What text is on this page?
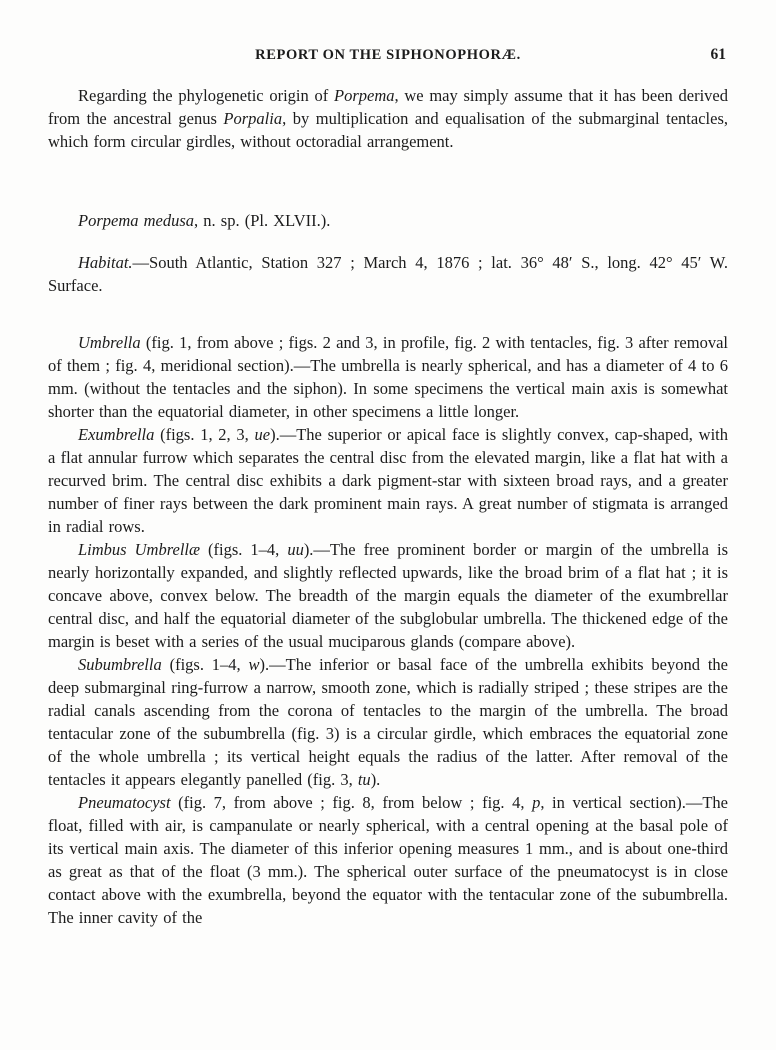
REPORT ON THE SIPHONOPHORÆ.	61

Regarding the phylogenetic origin of Porpema, we may simply assume that it has been derived from the ancestral genus Porpalia, by multiplication and equalisation of the submarginal tentacles, which form circular girdles, without octoradial arrangement.

Porpema medusa, n. sp. (Pl. XLVII.).

Habitat.—South Atlantic, Station 327 ; March 4, 1876 ; lat. 36° 48′ S., long. 42° 45′ W. Surface.

Umbrella (fig. 1, from above ; figs. 2 and 3, in profile, fig. 2 with tentacles, fig. 3 after removal of them ; fig. 4, meridional section).—The umbrella is nearly spherical, and has a diameter of 4 to 6 mm. (without the tentacles and the siphon). In some specimens the vertical main axis is somewhat shorter than the equatorial diameter, in other specimens a little longer.

Exumbrella (figs. 1, 2, 3, ue).—The superior or apical face is slightly convex, cap-shaped, with a flat annular furrow which separates the central disc from the elevated margin, like a flat hat with a recurved brim. The central disc exhibits a dark pigment-star with sixteen broad rays, and a greater number of finer rays between the dark prominent main rays. A great number of stigmata is arranged in radial rows.

Limbus Umbrellæ (figs. 1–4, uu).—The free prominent border or margin of the umbrella is nearly horizontally expanded, and slightly reflected upwards, like the broad brim of a flat hat ; it is concave above, convex below. The breadth of the margin equals the diameter of the exumbrellar central disc, and half the equatorial diameter of the subglobular umbrella. The thickened edge of the margin is beset with a series of the usual muciparous glands (compare above).

Subumbrella (figs. 1–4, w).—The inferior or basal face of the umbrella exhibits beyond the deep submarginal ring-furrow a narrow, smooth zone, which is radially striped ; these stripes are the radial canals ascending from the corona of tentacles to the margin of the umbrella. The broad tentacular zone of the subumbrella (fig. 3) is a circular girdle, which embraces the equatorial zone of the whole umbrella ; its vertical height equals the radius of the latter. After removal of the tentacles it appears elegantly panelled (fig. 3, tu).

Pneumatocyst (fig. 7, from above ; fig. 8, from below ; fig. 4, p, in vertical section).—The float, filled with air, is campanulate or nearly spherical, with a central opening at the basal pole of its vertical main axis. The diameter of this inferior opening measures 1 mm., and is about one-third as great as that of the float (3 mm.). The spherical outer surface of the pneumatocyst is in close contact above with the exumbrella, beyond the equator with the tentacular zone of the subumbrella. The inner cavity of the
